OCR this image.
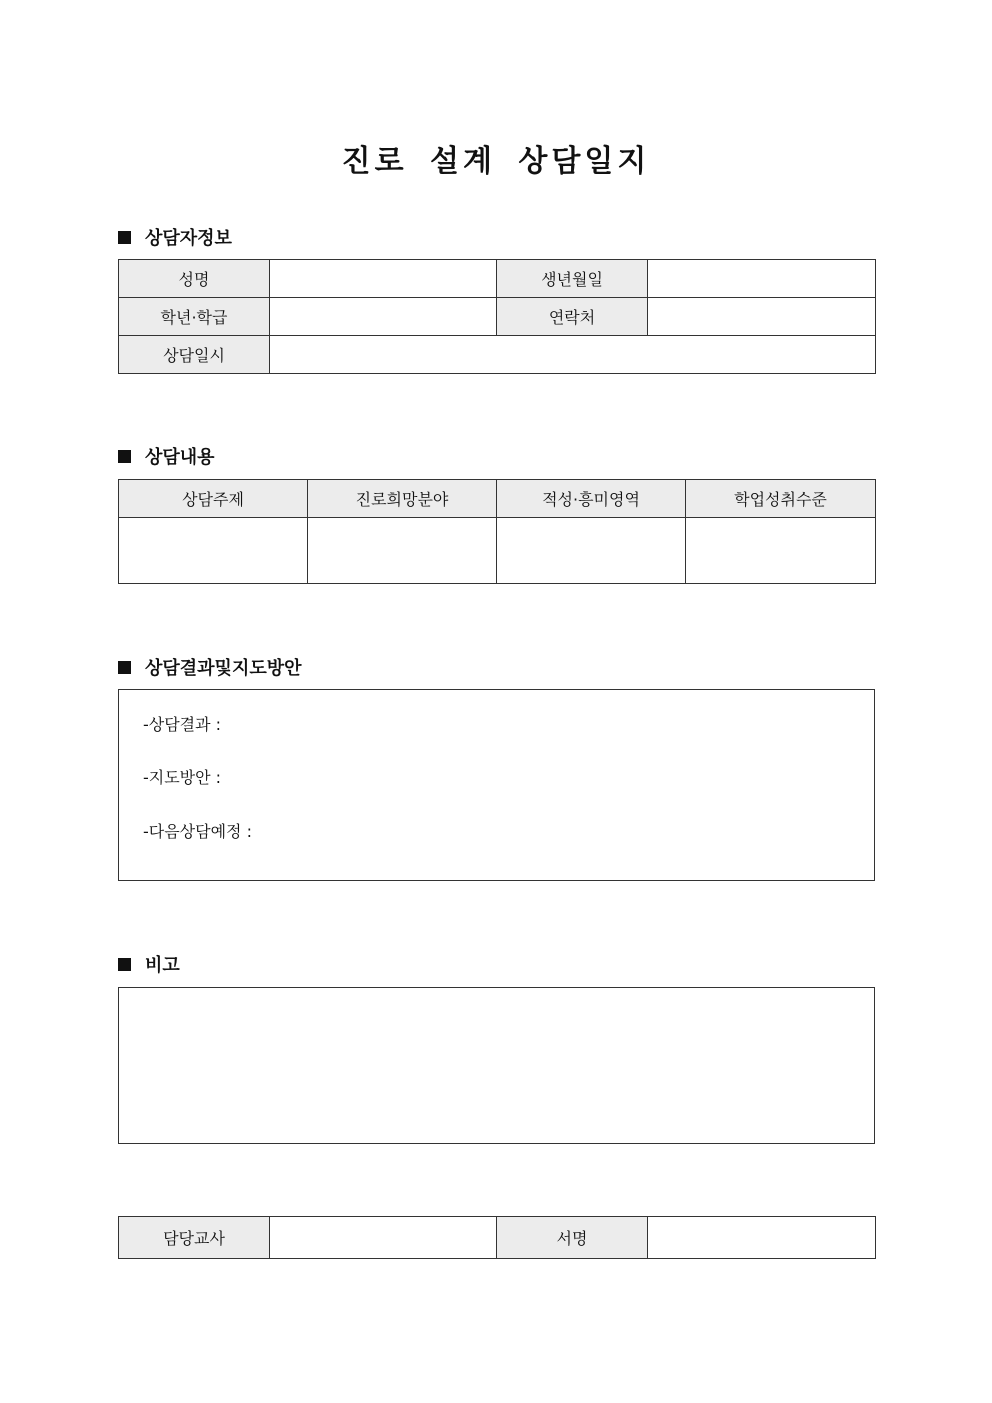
진로 설계 상담일지
상담자정보
성명		생년월일	
학년·학급		연락처	
상담일시			
상담내용
상담주제	진로희망분야	적성·흥미영역	학업성취수준

상담결과및지도방안
-상담결과 :
-지도방안 :
-다음상담예정 :
비고
담당교사		서명	
